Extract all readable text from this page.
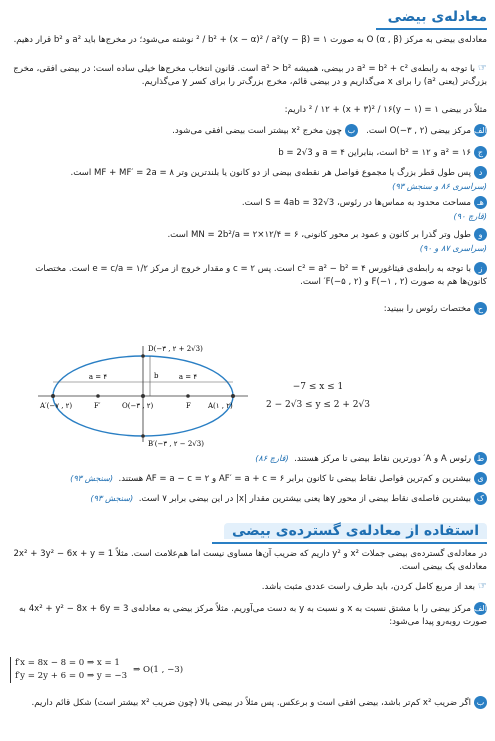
معادله‌ی بیضی
معادله‌ی بیضی به مرکز O (α , β) به صورت ۱ = (y − β)² / b² + (x − α)² / a² نوشته می‌شود؛ در مخرج‌ها باید a² و b² قرار دهیم.
☞با توجه به رابطه‌ی a² = b² + c² در بیضی، همیشه a² > b² است. قانون انتخاب مخرج‌ها خیلی ساده است: در بیضی افقی، مخرج بزرگ‌تر (یعنی a²) را برای x می‌گذاریم و در بیضی قائم، مخرج بزرگ‌تر را برای کسر y می‌گذاریم.
مثلاً در بیضی ۱ = (y − ۱)² / ۱۲ + (x + ۳)² / ۱۶ داریم:
الفمرکز بیضی (۲ , ۳−)O است.   بچون مخرج x² بیشتر است بیضی افقی می‌شود.
جa² = ۱۶ و b² = ۱۲ است، بنابراین a = ۴ و b = 2√3
دپس طول قطر بزرگ یا مجموع فواصل هر نقطه‌ی بیضی از دو کانون یا بلندترین وتر MF + MF′ = 2a = ۸ است.
(سراسری ۸۶ و سنجش ۹۳)
هـمساحت محدود به مماس‌ها در رئوس، S = 4ab = 32√3 است.
(قارچ ۹۰)
وطول وتر گذرا بر کانون و عمود بر محور کانونی، MN = 2b²/a = ۲×۱۲/۴ = ۶ است.
(سراسری ۸۷ و ۹۰)
زبا توجه به رابطه‌ی فیثاغورس c² = a² − b² = ۴ است. پس c = ۲ و مقدار خروج از مرکز e = c/a = ۱/۲ است. مختصات کانون‌ها هم به صورت (۲ , ۱−)F و (۲ , ۵−)F′ است.
حمختصات رئوس را ببینید:
a = ۴	a = ۴
b
D(−۳ , ۲ + 2√3)
B′(−۳ , ۲ − 2√3)
A′(−۷ , ۲)	A(۱ , ۲)
O(−۳ , ۲)
F′	F
−7 ≤ x ≤ 1
2 − 2√3 ≤ y ≤ 2 + 2√3
طرئوس A و A′ دورترین نقاط بیضی تا مرکز هستند.  (قارچ ۸۶)
یبیشترین و کم‌ترین فواصل نقاط بیضی تا کانون برابر AF′ = a + c = ۶ و AF = a − c = ۲ هستند.  (سنجش ۹۳)
کبیشترین فاصله‌ی نقاط بیضی از محور y‌ها یعنی بیشترین مقدار |x| در این بیضی برابر ۷ است.  (سنجش ۹۳)
استفاده از معادله‌ی گسترده‌ی بیضی
در معادله‌ی گسترده‌ی بیضی جملات x² و y² داریم که ضریب آن‌ها مساوی نیست اما هم‌علامت است. مثلاً 2x² + 3y² − 6x + y = 1 معادله‌ی یک بیضی است.
☞بعد از مربع کامل کردن، باید طرف راست عددی مثبت باشد.
الفمرکز بیضی را با مشتق نسبت به x و نسبت به y به دست می‌آوریم. مثلاً مرکز بیضی به معادله‌ی 4x² + y² − 8x + 6y = 3 به صورت روبه‌رو پیدا می‌شود:
f′x = 8x − 8 = 0 ⇒ x = 1
f′y = 2y + 6 = 0 ⇒ y = −3
⇒ O(1 , −3)
باگر ضریب x² کم‌تر باشد، بیضی افقی است و برعکس. پس مثلاً در بیضی بالا (چون ضریب x² بیشتر است) شکل قائم داریم.
